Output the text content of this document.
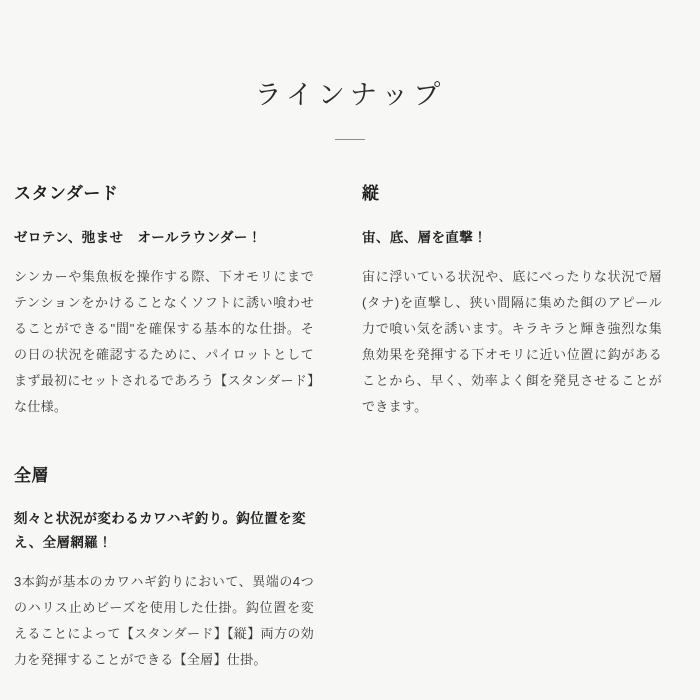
ラインナップ
スタンダード

ゼロテン、弛ませ　オールラウンダー！

シンカーや集魚板を操作する際、下オモリにまでテンションをかけることなくソフトに誘い喰わせることができる"間"を確保する基本的な仕掛。その日の状況を確認するために、パイロットとしてまず最初にセットされるであろう【スタンダード】な仕様。

縦

宙、底、層を直撃！

宙に浮いている状況や、底にべったりな状況で層(タナ)を直撃し、狭い間隔に集めた餌のアピール力で喰い気を誘います。キラキラと輝き強烈な集魚効果を発揮する下オモリに近い位置に鈎があることから、早く、効率よく餌を発見させることができます。

全層

刻々と状況が変わるカワハギ釣り。鈎位置を変え、全層網羅！

3本鈎が基本のカワハギ釣りにおいて、異端の4つのハリス止めビーズを使用した仕掛。鈎位置を変えることによって【スタンダード】【縦】両方の効力を発揮することができる【全層】仕掛。
